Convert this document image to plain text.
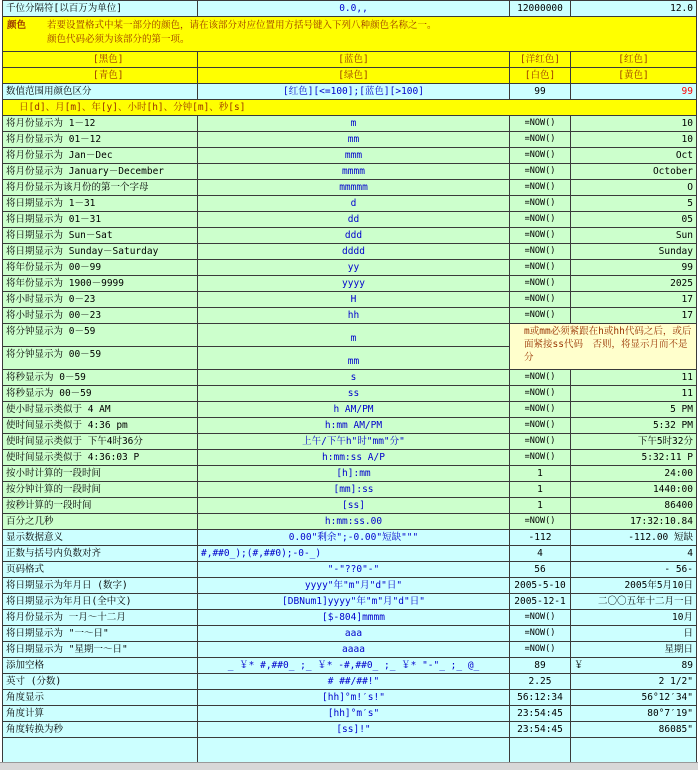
千位分隔符[以百万为单位]	0.0,,	12000000	12.0
颜色 若要设置格式中某一部分的颜色，请在该部分对应位置用方括号键入下列八种颜色名称之一。
颜色代码必须为该部分的第一项。			
[黑色]	[蓝色]	[洋红色]	[红色]
[青色]	[绿色]	[白色]	[黄色]
数值范围用颜色区分	[红色][<=100];[蓝色][>100]	99	99
日[d]、月[m]、年[y]、小时[h]、分钟[m]、秒[s]			
将月份显示为 1－12	m	=NOW()	10
将月份显示为 01－12	mm	=NOW()	10
将月份显示为 Jan－Dec	mmm	=NOW()	Oct
将月份显示为 January－December	mmmm	=NOW()	October
将月份显示为该月份的第一个字母	mmmmm	=NOW()	O
将日期显示为 1－31	d	=NOW()	5
将日期显示为 01－31	dd	=NOW()	05
将日期显示为 Sun－Sat	ddd	=NOW()	Sun
将日期显示为 Sunday－Saturday	dddd	=NOW()	Sunday
将年份显示为 00－99	yy	=NOW()	99
将年份显示为 1900－9999	yyyy	=NOW()	2025
将小时显示为 0－23	H	=NOW()	17
将小时显示为 00－23	hh	=NOW()	17
将分钟显示为 0－59	m	m或mm必须紧跟在h或hh代码之后，或后面紧接ss代码　否则，将显示月而不是分	
将分钟显示为 00－59	mm		
将秒显示为 0－59	s	=NOW()	11
将秒显示为 00－59	ss	=NOW()	11
使小时显示类似于 4 AM	h AM/PM	=NOW()	5 PM
使时间显示类似于 4:36 pm	h:mm AM/PM	=NOW()	5:32 PM
使时间显示类似于 下午4时36分	上午/下午h"时"mm"分"	=NOW()	下午5时32分
使时间显示类似于 4:36:03 P	h:mm:ss A/P	=NOW()	5:32:11 P
按小时计算的一段时间	[h]:mm	1	24:00
按分钟计算的一段时间	[mm]:ss	1	1440:00
按秒计算的一段时间	[ss]	1	86400
百分之几秒	h:mm:ss.00	=NOW()	17:32:10.84
显示数据意义	0.00"剩余";-0.00"短缺"""	-112	-112.00 短缺
正数与括号内负数对齐	#,##0_);(#,##0);-0-_)	4	4
页码格式	"-"??0"-"	56	- 56-
将日期显示为年月日 (数字)	yyyy"年"m"月"d"日"	2005-5-10	2005年5月10日
将日期显示为年月日(全中文)	[DBNum1]yyyy"年"m"月"d"日"	2005-12-1	二〇〇五年十二月一日
将月份显示为 一月～十二月	[$-804]mmmm	=NOW()	10月
将日期显示为 "一～日"	aaa	=NOW()	日
将日期显示为 "星期一～日"	aaaa	=NOW()	星期日
添加空格	_ ￥* #,##0_ ;_ ￥* -#,##0_ ;_ ￥* "-"_ ;_ @_	89	￥ 89

英寸 (分数)	# ##/##!"	2.25	2 1/2"
角度显示	[hh]°m!′s!"	56:12:34	56°12′34"
角度计算	[hh]°m′s"	23:54:45	80°7′19"
角度转换为秒	[ss]!"	23:54:45	86085"
